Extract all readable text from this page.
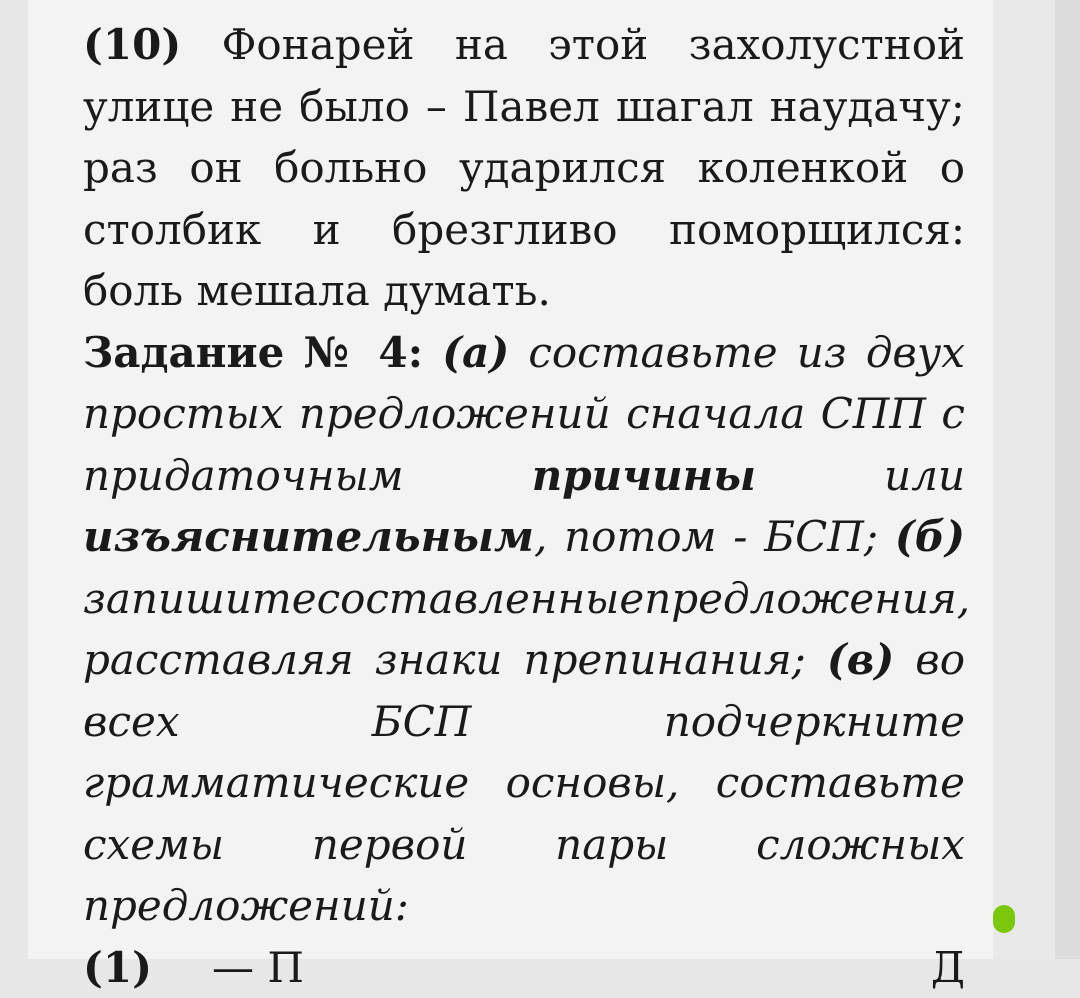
(10) Фонарей на этой захолустной
улице не было – Павел шагал наудачу;
раз он больно ударился коленкой о
столбик и брезгливо поморщился:
боль мешала думать.
Задание № 4: (а) составьте из двух
простых предложений сначала СПП с
придаточным	причины	или
изъяснительным, потом - БСП; (б)
запишите составленные предложения,
расставляя знаки препинания; (в) во
всех	БСП	подчеркните
грамматические основы, составьте
схемы первой пары сложных
предложений:
(1) — П	Д
